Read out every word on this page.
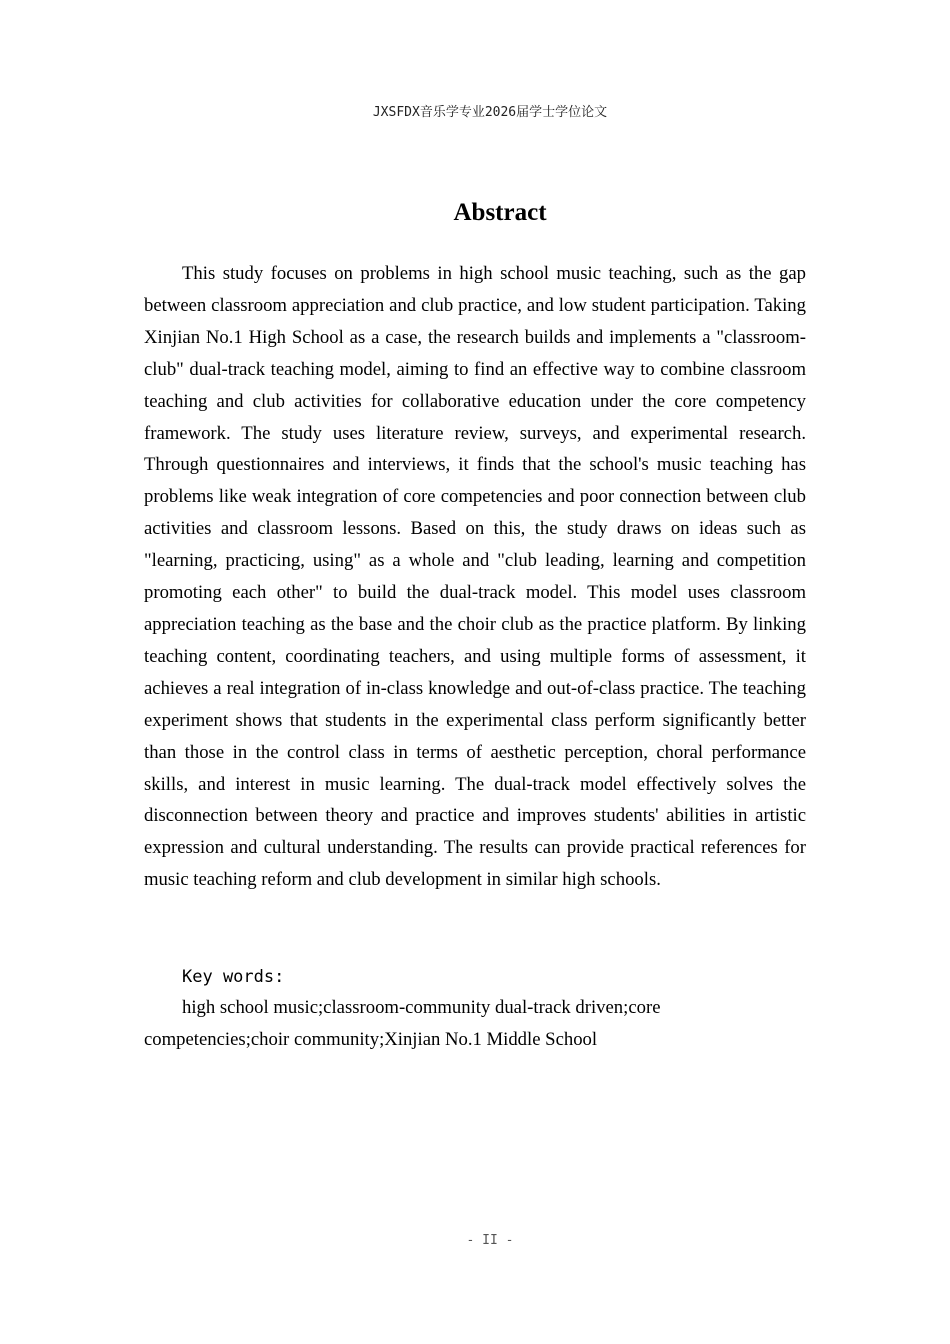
JXSFDX音乐学专业2026届学士学位论文
Abstract

This study focuses on problems in high school music teaching, such as the gap between classroom appreciation and club practice, and low student participation. Taking Xinjian No.1 High School as a case, the research builds and implements a "classroom-club" dual-track teaching model, aiming to find an effective way to combine classroom teaching and club activities for collaborative education under the core competency framework. The study uses literature review, surveys, and experimental research. Through questionnaires and interviews, it finds that the school's music teaching has problems like weak integration of core competencies and poor connection between club activities and classroom lessons. Based on this, the study draws on ideas such as "learning, practicing, using" as a whole and "club leading, learning and competition promoting each other" to build the dual-track model. This model uses classroom appreciation teaching as the base and the choir club as the practice platform. By linking teaching content, coordinating teachers, and using multiple forms of assessment, it achieves a real integration of in-class knowledge and out-of-class practice. The teaching experiment shows that students in the experimental class perform significantly better than those in the control class in terms of aesthetic perception, choral performance skills, and interest in music learning. The dual-track model effectively solves the disconnection between theory and practice and improves students' abilities in artistic expression and cultural understanding. The results can provide practical references for music teaching reform and club development in similar high schools.

Key words:

high school music;classroom-community dual-track driven;core competencies;choir community;Xinjian No.1 Middle School

- II -
